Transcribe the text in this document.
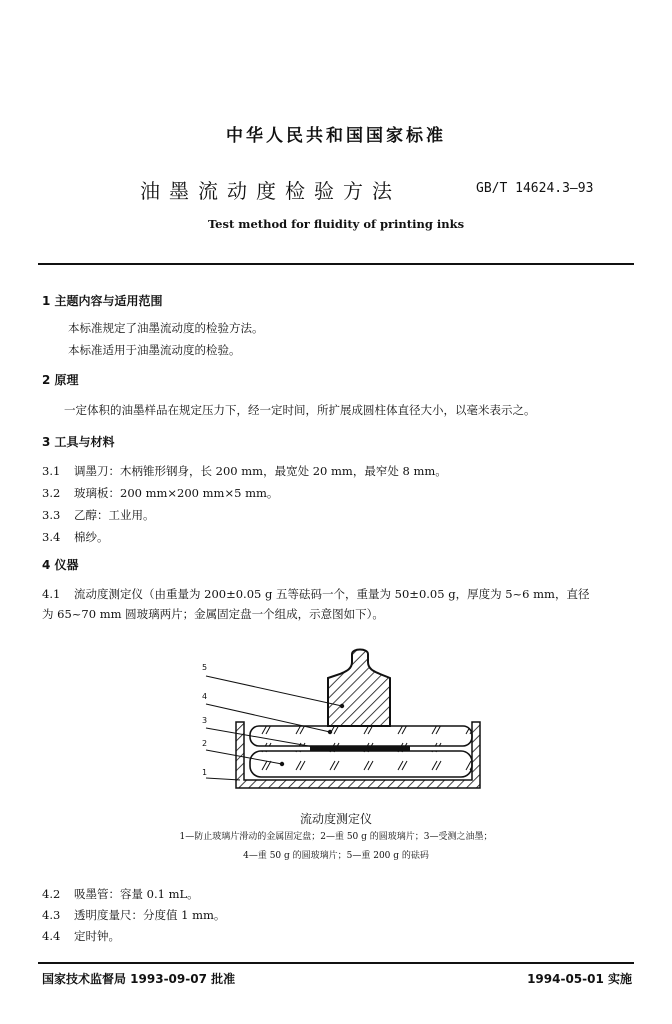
中华人民共和国国家标准
油墨流动度检验方法	GB/T 14624.3—93
Test method for fluidity of printing inks
1 主题内容与适用范围
本标准规定了油墨流动度的检验方法。
本标准适用于油墨流动度的检验。
2 原理
一定体积的油墨样品在规定压力下，经一定时间，所扩展成圆柱体直径大小，以毫米表示之。
3 工具与材料
3.1 调墨刀：木柄锥形钢身，长 200 mm，最宽处 20 mm，最窄处 8 mm。
3.2 玻璃板：200 mm×200 mm×5 mm。
3.3 乙醇：工业用。
3.4 棉纱。
4 仪器
4.1 流动度测定仪（由重量为 200±0.05 g 五等砝码一个，重量为 50±0.05 g，厚度为 5~6 mm，直径
为 65~70 mm 圆玻璃两片；金属固定盘一个组成，示意图如下）。
5
4
3
2
1
流动度测定仪
1—防止玻璃片滑动的金属固定盘；2—重 50 g 的圆玻璃片；3—受测之油墨；
4—重 50 g 的圆玻璃片；5—重 200 g 的砝码
4.2 吸墨管：容量 0.1 mL。
4.3 透明度量尺：分度值 1 mm。
4.4 定时钟。
国家技术监督局 1993-09-07 批准	1994-05-01 实施
